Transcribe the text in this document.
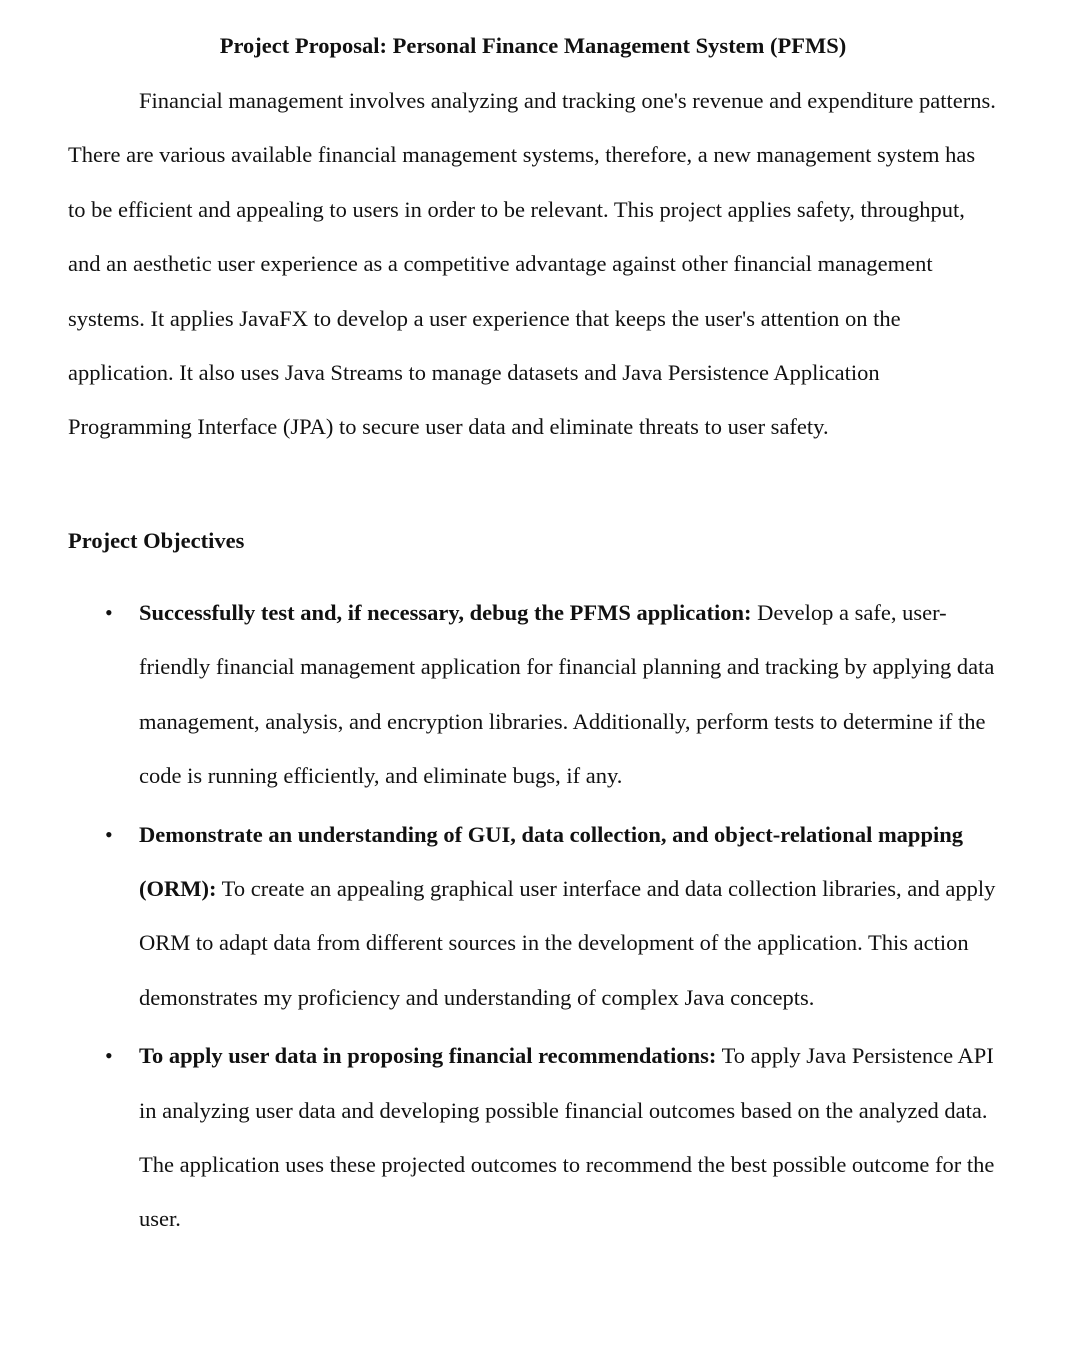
Project Proposal: Personal Finance Management System (PFMS)

Financial management involves analyzing and tracking one's revenue and expenditure patterns. There are various available financial management systems, therefore, a new management system has to be efficient and appealing to users in order to be relevant. This project applies safety, throughput, and an aesthetic user experience as a competitive advantage against other financial management systems. It applies JavaFX to develop a user experience that keeps the user's attention on the application. It also uses Java Streams to manage datasets and Java Persistence Application Programming Interface (JPA) to secure user data and eliminate threats to user safety.

Project Objectives
• Successfully test and, if necessary, debug the PFMS application: Develop a safe, user-friendly financial management application for financial planning and tracking by applying data management, analysis, and encryption libraries. Additionally, perform tests to determine if the code is running efficiently, and eliminate bugs, if any.
• Demonstrate an understanding of GUI, data collection, and object-relational mapping (ORM): To create an appealing graphical user interface and data collection libraries, and apply ORM to adapt data from different sources in the development of the application. This action demonstrates my proficiency and understanding of complex Java concepts.
• To apply user data in proposing financial recommendations: To apply Java Persistence API in analyzing user data and developing possible financial outcomes based on the analyzed data. The application uses these projected outcomes to recommend the best possible outcome for the user.
